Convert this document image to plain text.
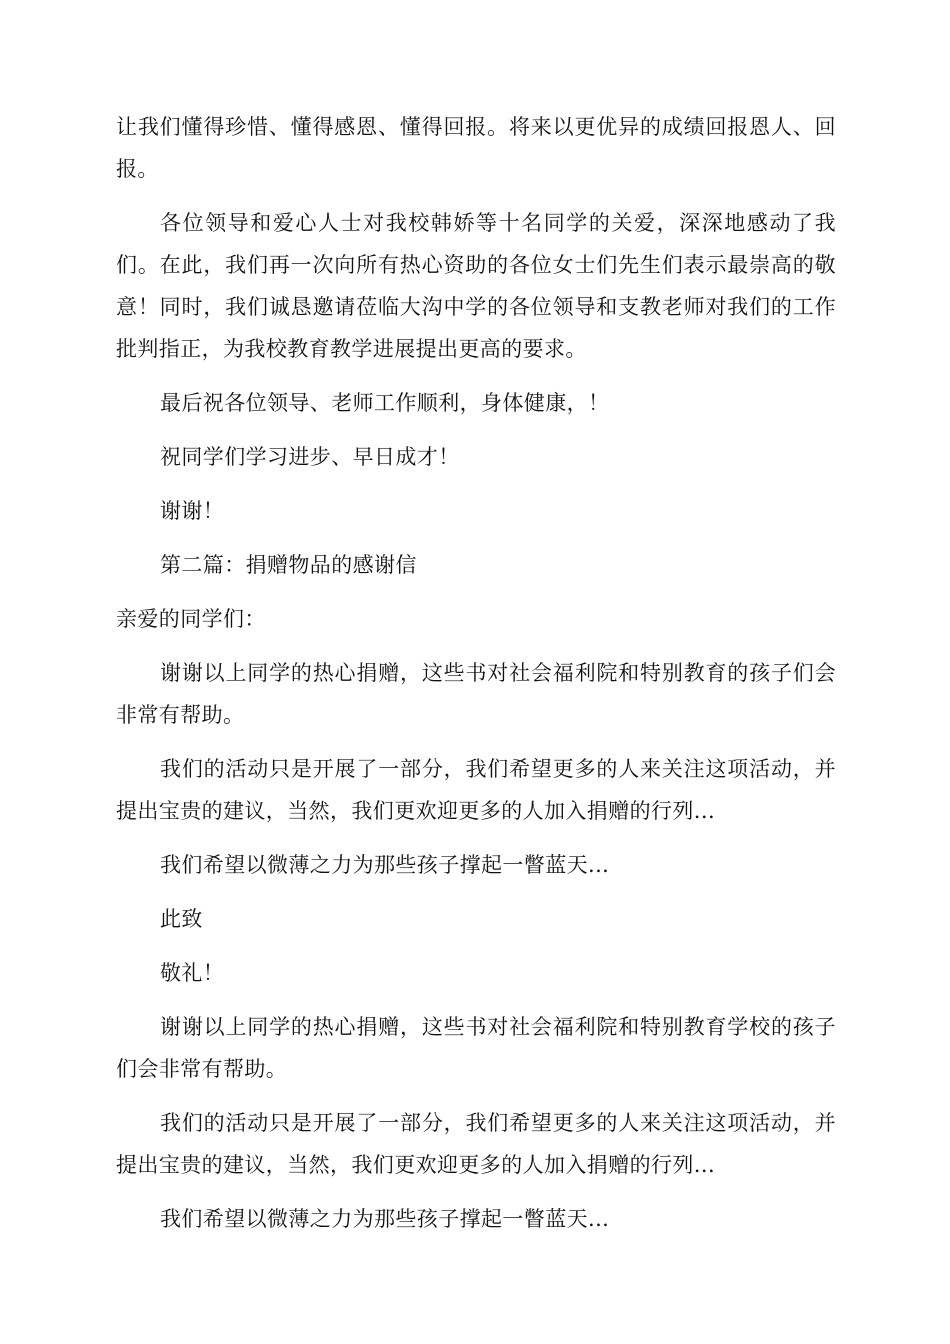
让我们懂得珍惜、懂得感恩、懂得回报。将来以更优异的成绩回报恩人、回报。

各位领导和爱心人士对我校韩娇等十名同学的关爱，深深地感动了我们。在此，我们再一次向所有热心资助的各位女士们先生们表示最崇高的敬意！同时，我们诚恳邀请莅临大沟中学的各位领导和支教老师对我们的工作批判指正，为我校教育教学进展提出更高的要求。

最后祝各位领导、老师工作顺利，身体健康，！

祝同学们学习进步、早日成才！

谢谢！

第二篇：捐赠物品的感谢信

亲爱的同学们：

谢谢以上同学的热心捐赠，这些书对社会福利院和特别教育的孩子们会非常有帮助。

我们的活动只是开展了一部分，我们希望更多的人来关注这项活动，并提出宝贵的建议，当然，我们更欢迎更多的人加入捐赠的行列...

我们希望以微薄之力为那些孩子撑起一瞥蓝天...

此致

敬礼！

谢谢以上同学的热心捐赠，这些书对社会福利院和特别教育学校的孩子们会非常有帮助。

我们的活动只是开展了一部分，我们希望更多的人来关注这项活动，并提出宝贵的建议，当然，我们更欢迎更多的人加入捐赠的行列...

我们希望以微薄之力为那些孩子撑起一瞥蓝天...
